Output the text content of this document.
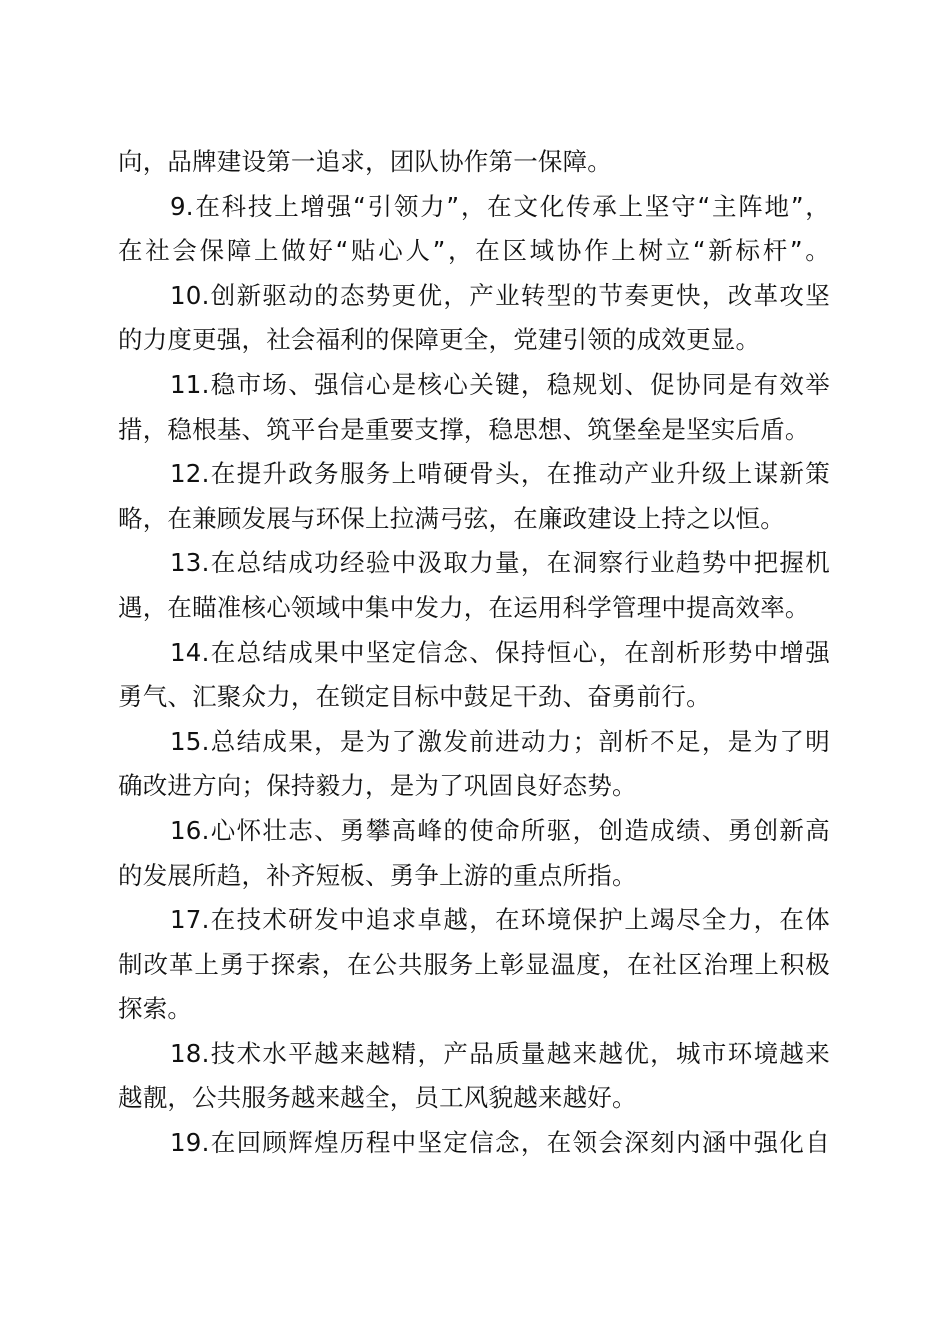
向，品牌建设第一追求，团队协作第一保障。
9.在科技上增强“引领力”，在文化传承上坚守“主阵地”，
在社会保障上做好“贴心人”，在区域协作上树立“新标杆”。
10.创新驱动的态势更优，产业转型的节奏更快，改革攻坚
的力度更强，社会福利的保障更全，党建引领的成效更显。
11.稳市场、强信心是核心关键，稳规划、促协同是有效举
措，稳根基、筑平台是重要支撑，稳思想、筑堡垒是坚实后盾。
12.在提升政务服务上啃硬骨头，在推动产业升级上谋新策
略，在兼顾发展与环保上拉满弓弦，在廉政建设上持之以恒。
13.在总结成功经验中汲取力量，在洞察行业趋势中把握机
遇，在瞄准核心领域中集中发力，在运用科学管理中提高效率。
14.在总结成果中坚定信念、保持恒心，在剖析形势中增强
勇气、汇聚众力，在锁定目标中鼓足干劲、奋勇前行。
15.总结成果，是为了激发前进动力；剖析不足，是为了明
确改进方向；保持毅力，是为了巩固良好态势。
16.心怀壮志、勇攀高峰的使命所驱，创造成绩、勇创新高
的发展所趋，补齐短板、勇争上游的重点所指。
17.在技术研发中追求卓越，在环境保护上竭尽全力，在体
制改革上勇于探索，在公共服务上彰显温度，在社区治理上积极
探索。
18.技术水平越来越精，产品质量越来越优，城市环境越来
越靓，公共服务越来越全，员工风貌越来越好。
19.在回顾辉煌历程中坚定信念，在领会深刻内涵中强化自
